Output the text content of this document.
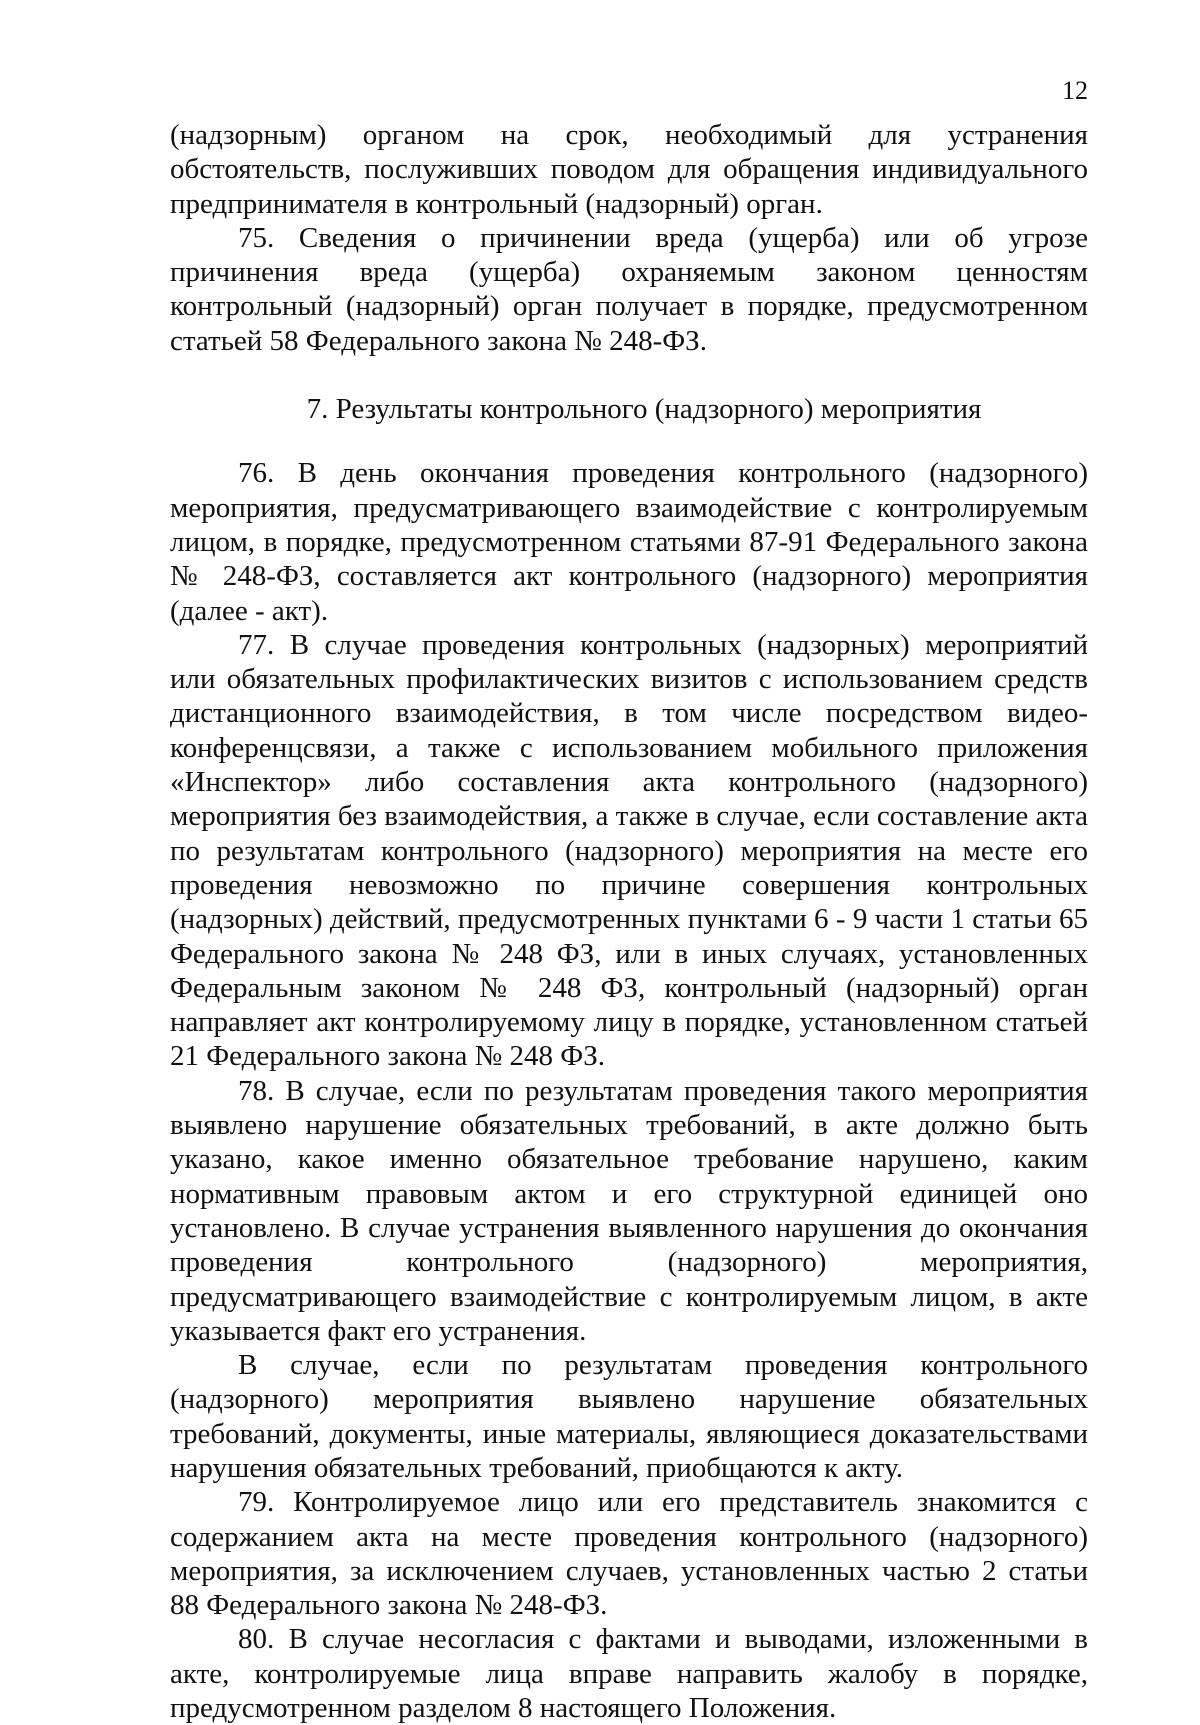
12

(надзорным) органом на срок, необходимый для устранения обстоятельств, послуживших поводом для обращения индивидуального предпринимателя в контрольный (надзорный) орган.

75. Сведения о причинении вреда (ущерба) или об угрозе причинения вреда (ущерба) охраняемым законом ценностям контрольный (надзорный) орган получает в порядке, предусмотренном статьей 58 Федерального закона № 248-ФЗ.

7. Результаты контрольного (надзорного) мероприятия

76. В день окончания проведения контрольного (надзорного) мероприятия, предусматривающего взаимодействие с контролируемым лицом, в порядке, предусмотренном статьями 87-91 Федерального закона № 248-ФЗ, составляется акт контрольного (надзорного) мероприятия (далее - акт).

77. В случае проведения контрольных (надзорных) мероприятий или обязательных профилактических визитов с использованием средств дистанционного взаимодействия, в том числе посредством видео-конференцсвязи, а также с использованием мобильного приложения «Инспектор» либо составления акта контрольного (надзорного) мероприятия без взаимодействия, а также в случае, если составление акта по результатам контрольного (надзорного) мероприятия на месте его проведения невозможно по причине совершения контрольных (надзорных) действий, предусмотренных пунктами 6 - 9 части 1 статьи 65 Федерального закона № 248 ФЗ, или в иных случаях, установленных Федеральным законом № 248 ФЗ, контрольный (надзорный) орган направляет акт контролируемому лицу в порядке, установленном статьей 21 Федерального закона № 248 ФЗ.

78. В случае, если по результатам проведения такого мероприятия выявлено нарушение обязательных требований, в акте должно быть указано, какое именно обязательное требование нарушено, каким нормативным правовым актом и его структурной единицей оно установлено. В случае устранения выявленного нарушения до окончания проведения контрольного (надзорного) мероприятия, предусматривающего взаимодействие с контролируемым лицом, в акте указывается факт его устранения.

В случае, если по результатам проведения контрольного (надзорного) мероприятия выявлено нарушение обязательных требований, документы, иные материалы, являющиеся доказательствами нарушения обязательных требований, приобщаются к акту.

79. Контролируемое лицо или его представитель знакомится с содержанием акта на месте проведения контрольного (надзорного) мероприятия, за исключением случаев, установленных частью 2 статьи 88 Федерального закона № 248-ФЗ.

80. В случае несогласия с фактами и выводами, изложенными в акте, контролируемые лица вправе направить жалобу в порядке, предусмотренном разделом 8 настоящего Положения.
